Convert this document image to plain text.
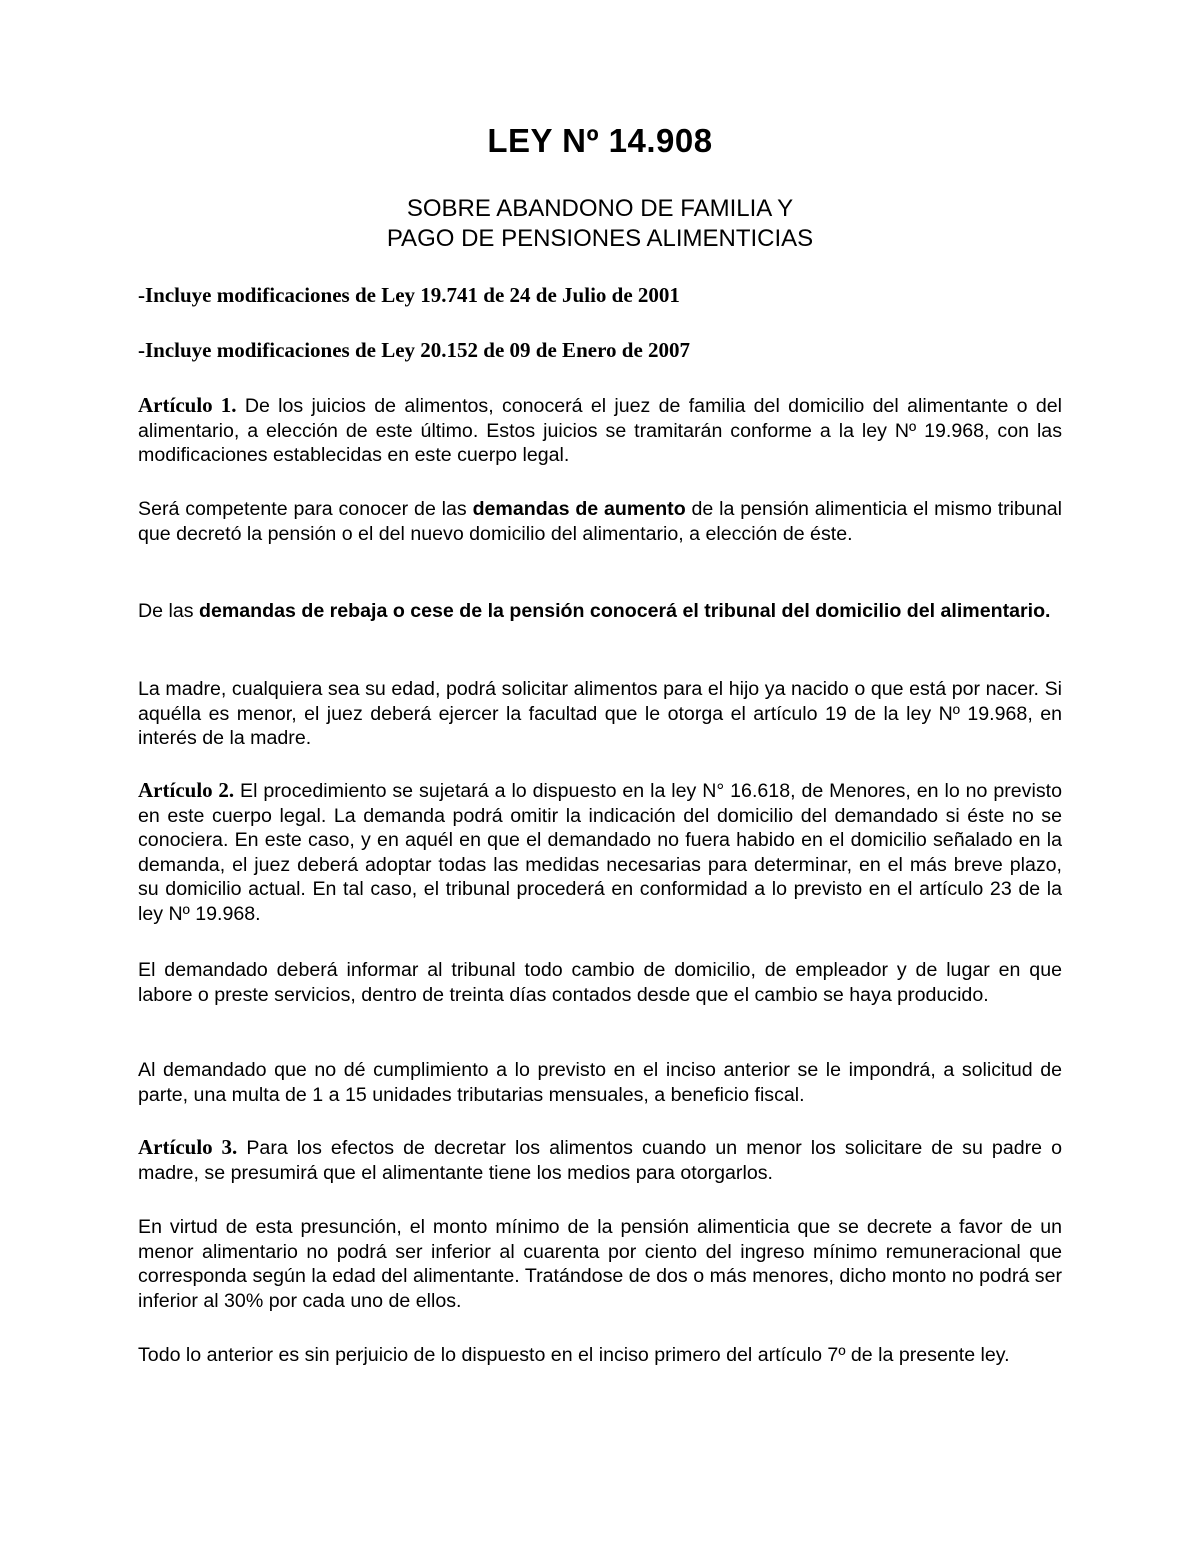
LEY Nº 14.908
SOBRE ABANDONO DE FAMILIA Y
PAGO DE PENSIONES ALIMENTICIAS

-Incluye modificaciones de Ley 19.741 de 24 de Julio de 2001

-Incluye modificaciones de Ley 20.152 de 09 de Enero de 2007

Artículo 1. De los juicios de alimentos, conocerá el juez de familia del domicilio del alimentante o del alimentario, a elección de este último. Estos juicios se tramitarán conforme a la ley Nº 19.968, con las modificaciones establecidas en este cuerpo legal.

Será competente para conocer de las demandas de aumento de la pensión alimenticia el mismo tribunal que decretó la pensión o el del nuevo domicilio del alimentario, a elección de éste.

De las demandas de rebaja o cese de la pensión conocerá el tribunal del domicilio del alimentario.

La madre, cualquiera sea su edad, podrá solicitar alimentos para el hijo ya nacido o que está por nacer. Si aquélla es menor, el juez deberá ejercer la facultad que le otorga el artículo 19 de la ley Nº 19.968, en interés de la madre.

Artículo 2. El procedimiento se sujetará a lo dispuesto en la ley N° 16.618, de Menores, en lo no previsto en este cuerpo legal. La demanda podrá omitir la indicación del domicilio del demandado si éste no se conociera. En este caso, y en aquél en que el demandado no fuera habido en el domicilio señalado en la demanda, el juez deberá adoptar todas las medidas necesarias para determinar, en el más breve plazo, su domicilio actual. En tal caso, el tribunal procederá en conformidad a lo previsto en el artículo 23 de la ley Nº 19.968.

El demandado deberá informar al tribunal todo cambio de domicilio, de empleador y de lugar en que labore o preste servicios, dentro de treinta días contados desde que el cambio se haya producido.

Al demandado que no dé cumplimiento a lo previsto en el inciso anterior se le impondrá, a solicitud de parte, una multa de 1 a 15 unidades tributarias mensuales, a beneficio fiscal.

Artículo 3. Para los efectos de decretar los alimentos cuando un menor los solicitare de su padre o madre, se presumirá que el alimentante tiene los medios para otorgarlos.

En virtud de esta presunción, el monto mínimo de la pensión alimenticia que se decrete a favor de un menor alimentario no podrá ser inferior al cuarenta por ciento del ingreso mínimo remuneracional que corresponda según la edad del alimentante. Tratándose de dos o más menores, dicho monto no podrá ser inferior al 30% por cada uno de ellos.

Todo lo anterior es sin perjuicio de lo dispuesto en el inciso primero del artículo 7º de la presente ley.
